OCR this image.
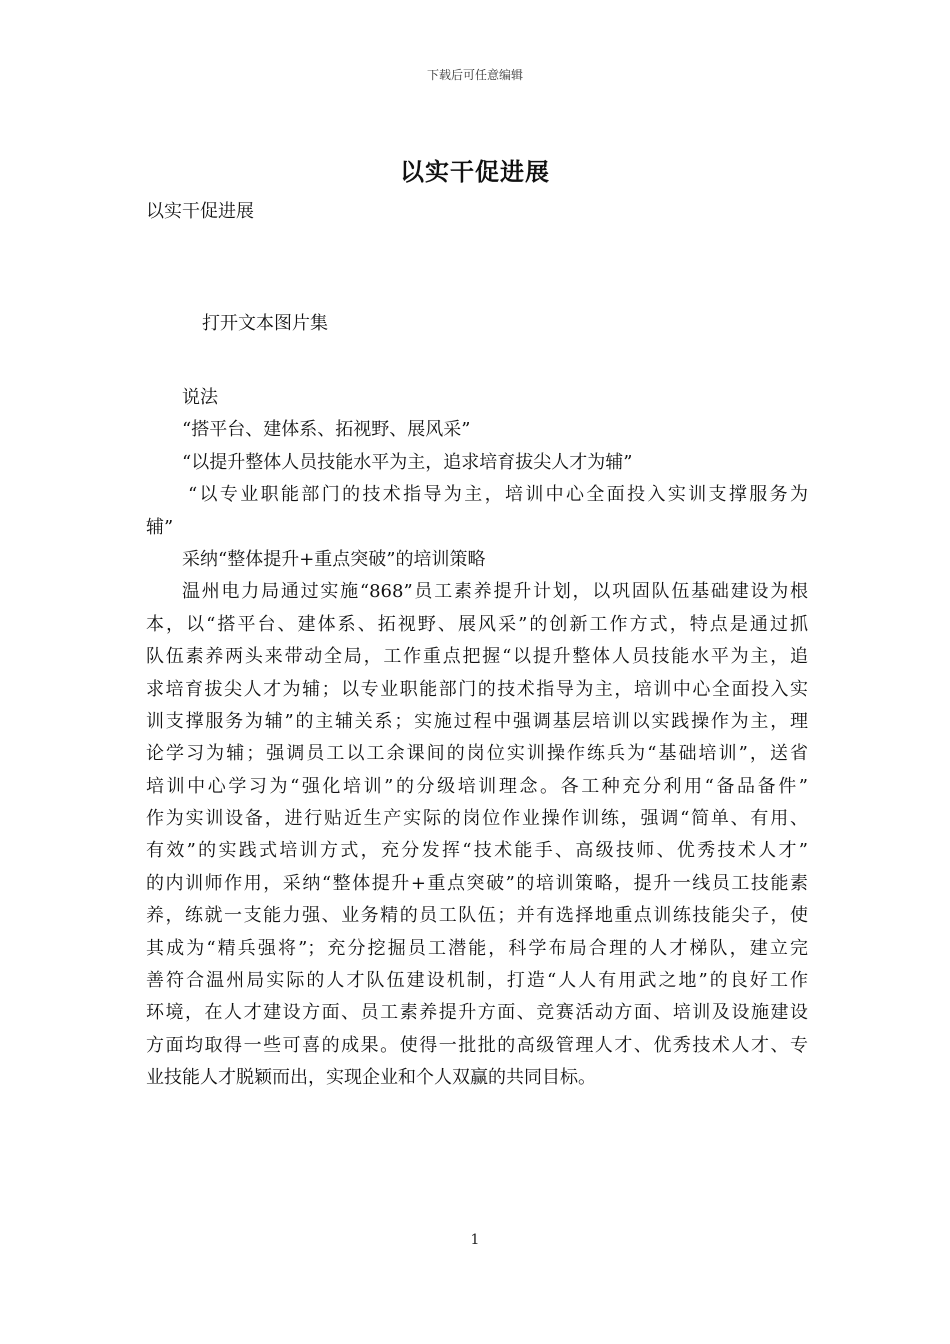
下载后可任意编辑
以实干促进展
以实干促进展
打开文本图片集
说法
“搭平台、建体系、拓视野、展风采”
“以提升整体人员技能水平为主，追求培育拔尖人才为辅”
“以专业职能部门的技术指导为主，培训中心全面投入实训支撑服务为
辅”
采纳“整体提升+重点突破”的培训策略
温州电力局通过实施“868”员工素养提升计划，以巩固队伍基础建设为根
本，以“搭平台、建体系、拓视野、展风采”的创新工作方式，特点是通过抓
队伍素养两头来带动全局，工作重点把握“以提升整体人员技能水平为主，追
求培育拔尖人才为辅；以专业职能部门的技术指导为主，培训中心全面投入实
训支撑服务为辅”的主辅关系；实施过程中强调基层培训以实践操作为主，理
论学习为辅；强调员工以工余课间的岗位实训操作练兵为“基础培训”，送省
培训中心学习为“强化培训”的分级培训理念。各工种充分利用“备品备件”
作为实训设备，进行贴近生产实际的岗位作业操作训练，强调“简单、有用、
有效”的实践式培训方式，充分发挥“技术能手、高级技师、优秀技术人才”
的内训师作用，采纳“整体提升+重点突破”的培训策略，提升一线员工技能素
养，练就一支能力强、业务精的员工队伍；并有选择地重点训练技能尖子，使
其成为“精兵强将”；充分挖掘员工潜能，科学布局合理的人才梯队，建立完
善符合温州局实际的人才队伍建设机制，打造“人人有用武之地”的良好工作
环境，在人才建设方面、员工素养提升方面、竞赛活动方面、培训及设施建设
方面均取得一些可喜的成果。使得一批批的高级管理人才、优秀技术人才、专
业技能人才脱颖而出，实现企业和个人双赢的共同目标。
1
